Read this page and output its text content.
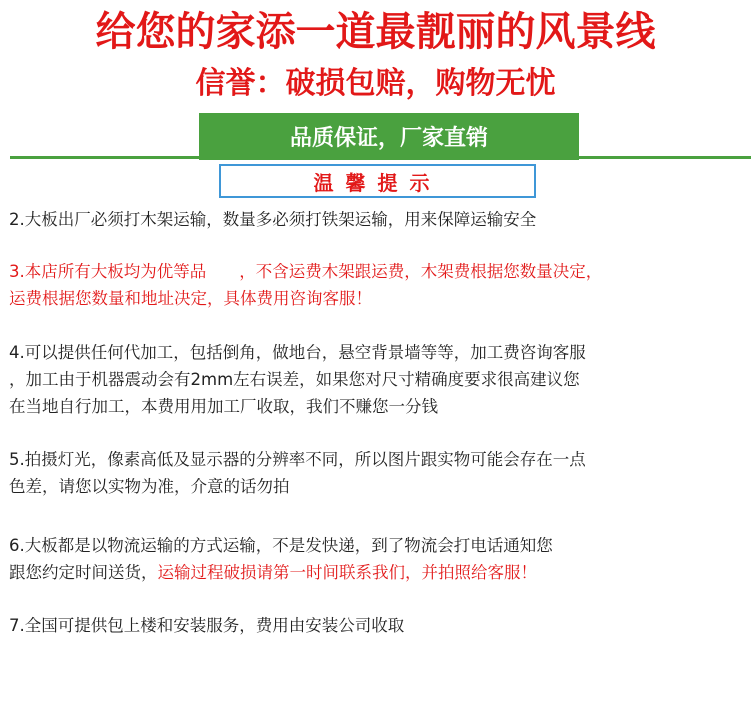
给您的家添一道最靓丽的风景线
信誉：破损包赔，购物无忧
品质保证，厂家直销
温馨提示
2.大板出厂必须打木架运输，数量多必须打铁架运输，用来保障运输安全
3.本店所有大板均为优等品　　，不含运费木架跟运费，木架费根据您数量决定，
运费根据您数量和地址决定，具体费用咨询客服！
4.可以提供任何代加工，包括倒角，做地台，悬空背景墙等等，加工费咨询客服
，加工由于机器震动会有2mm左右误差，如果您对尺寸精确度要求很高建议您
在当地自行加工，本费用用加工厂收取，我们不赚您一分钱
5.拍摄灯光，像素高低及显示器的分辨率不同，所以图片跟实物可能会存在一点
色差，请您以实物为准，介意的话勿拍
6.大板都是以物流运输的方式运输，不是发快递，到了物流会打电话通知您
跟您约定时间送货，运输过程破损请第一时间联系我们，并拍照给客服！
7.全国可提供包上楼和安装服务，费用由安装公司收取
